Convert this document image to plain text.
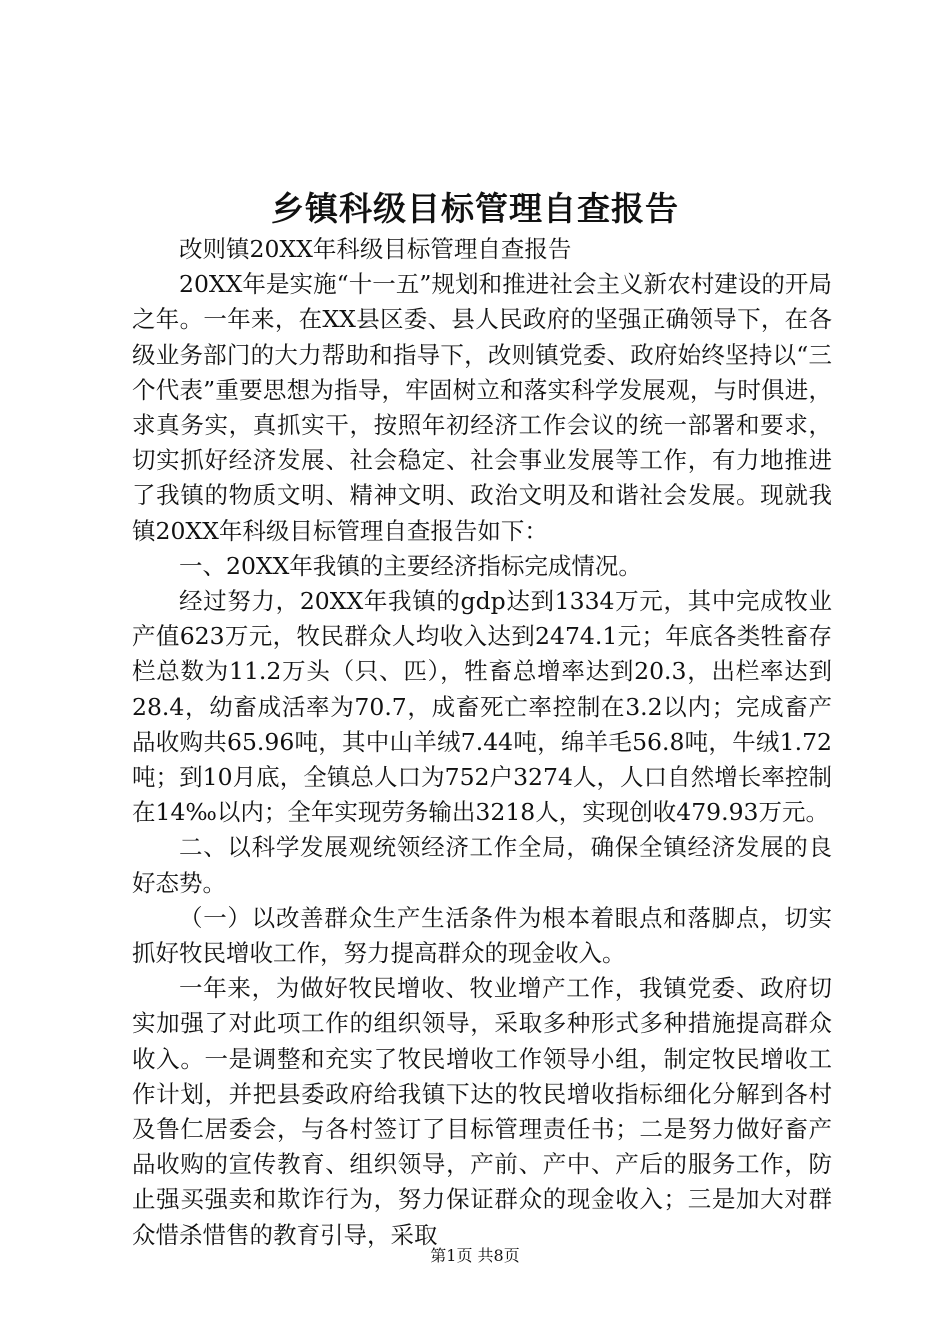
乡镇科级目标管理自查报告

改则镇20XX年科级目标管理自查报告

20XX年是实施“十一五”规划和推进社会主义新农村建设的开局之年。一年来，在XX县区委、县人民政府的坚强正确领导下，在各级业务部门的大力帮助和指导下，改则镇党委、政府始终坚持以“三个代表”重要思想为指导，牢固树立和落实科学发展观，与时俱进，求真务实，真抓实干，按照年初经济工作会议的统一部署和要求，切实抓好经济发展、社会稳定、社会事业发展等工作，有力地推进了我镇的物质文明、精神文明、政治文明及和谐社会发展。现就我镇20XX年科级目标管理自查报告如下：

一、20XX年我镇的主要经济指标完成情况。

经过努力，20XX年我镇的gdp达到1334万元，其中完成牧业产值623万元，牧民群众人均收入达到2474.1元；年底各类牲畜存栏总数为11.2万头（只、匹），牲畜总增率达到20.3，出栏率达到28.4，幼畜成活率为70.7，成畜死亡率控制在3.2以内；完成畜产品收购共65.96吨，其中山羊绒7.44吨，绵羊毛56.8吨，牛绒1.72吨；到10月底，全镇总人口为752户3274人，人口自然增长率控制在14‰以内；全年实现劳务输出3218人，实现创收479.93万元。

二、以科学发展观统领经济工作全局，确保全镇经济发展的良好态势。

（一）以改善群众生产生活条件为根本着眼点和落脚点，切实抓好牧民增收工作，努力提高群众的现金收入。

一年来，为做好牧民增收、牧业增产工作，我镇党委、政府切实加强了对此项工作的组织领导，采取多种形式多种措施提高群众收入。一是调整和充实了牧民增收工作领导小组，制定牧民增收工作计划，并把县委政府给我镇下达的牧民增收指标细化分解到各村及鲁仁居委会，与各村签订了目标管理责任书；二是努力做好畜产品收购的宣传教育、组织领导，产前、产中、产后的服务工作，防止强买强卖和欺诈行为，努力保证群众的现金收入；三是加大对群众惜杀惜售的教育引导，采取

第1页 共8页
